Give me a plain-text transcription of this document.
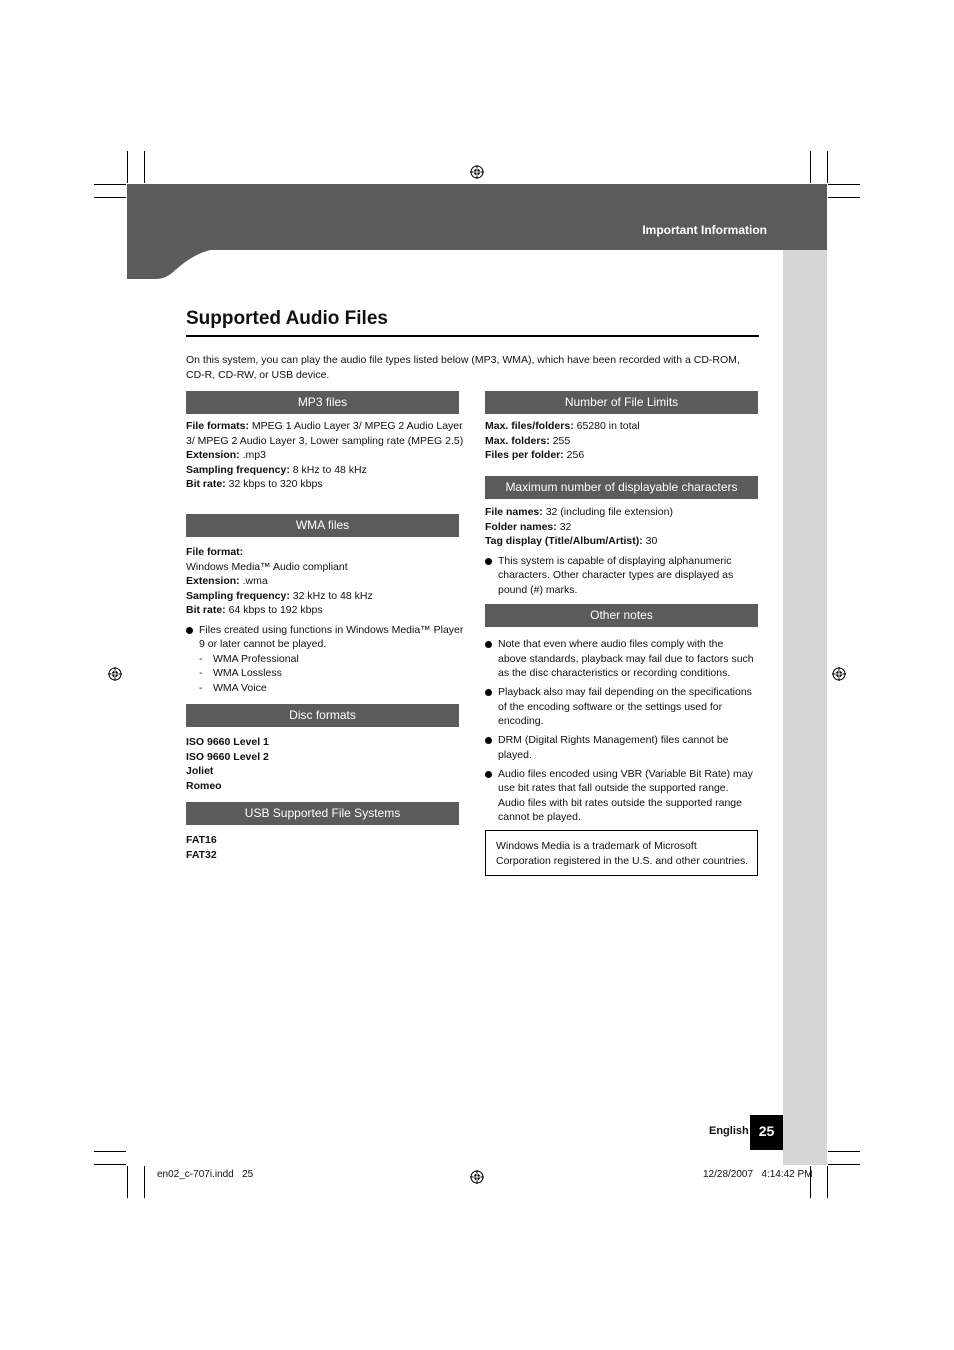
Important Information
Supported Audio Files
On this system, you can play the audio file types listed below (MP3, WMA), which have been recorded with a CD-ROM, CD-R, CD-RW, or USB device.
MP3 files
File formats: MPEG 1 Audio Layer 3/ MPEG 2 Audio Layer
3/ MPEG 2 Audio Layer 3, Lower sampling rate (MPEG 2.5)
Extension: .mp3
Sampling frequency: 8 kHz to 48 kHz
Bit rate: 32 kbps to 320 kbps
WMA files
File format:
Windows Media™ Audio compliant
Extension: .wma
Sampling frequency: 32 kHz to 48 kHz
Bit rate: 64 kbps to 192 kbps
Files created using functions in Windows Media™ Player
9 or later cannot be played.
- WMA Professional
- WMA Lossless
- WMA Voice
Disc formats
ISO 9660 Level 1
ISO 9660 Level 2
Joliet
Romeo
USB Supported File Systems
FAT16
FAT32
Number of File Limits
Max. files/folders: 65280 in total
Max. folders: 255
Files per folder: 256
Maximum number of displayable characters
File names: 32 (including file extension)
Folder names: 32
Tag display (Title/Album/Artist): 30
This system is capable of displaying alphanumeric
characters. Other character types are displayed as
pound (#) marks.
Other notes
Note that even where audio files comply with the
above standards, playback may fail due to factors such
as the disc characteristics or recording conditions.
Playback also may fail depending on the specifications
of the encoding software or the settings used for
encoding.
DRM (Digital Rights Management) files cannot be
played.
Audio files encoded using VBR (Variable Bit Rate) may
use bit rates that fall outside the supported range.
Audio files with bit rates outside the supported range
cannot be played.
Windows Media is a trademark of Microsoft
Corporation registered in the U.S. and other countries.
English 25
en02_c-707i.indd   25	12/28/2007   4:14:42 PM
